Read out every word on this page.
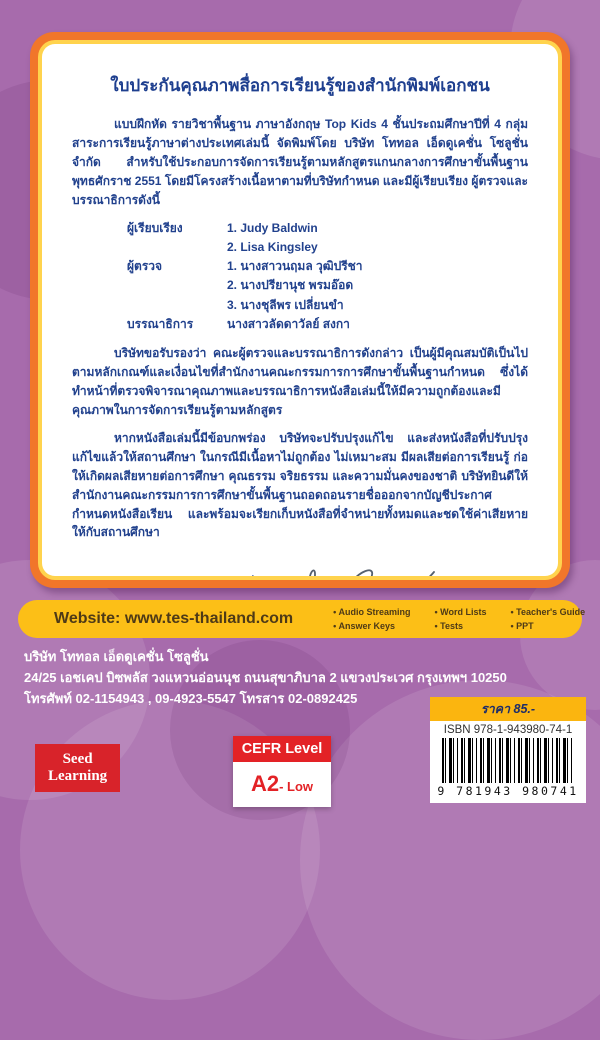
ใบประกันคุณภาพสื่อการเรียนรู้ของสำนักพิมพ์เอกชน

แบบฝึกหัด รายวิชาพื้นฐาน ภาษาอังกฤษ Top Kids 4 ชั้นประถมศึกษาปีที่ 4 กลุ่มสาระการเรียนรู้ภาษาต่างประเทศเล่มนี้ จัดพิมพ์โดย บริษัท โททอล เอ็ดดูเคชั่น โซลูชั่น จำกัด สำหรับใช้ประกอบการจัดการเรียนรู้ตามหลักสูตรแกนกลางการศึกษาขั้นพื้นฐาน พุทธศักราช 2551 โดยมีโครงสร้างเนื้อหาตามที่บริษัทกำหนด และมีผู้เรียบเรียง ผู้ตรวจและบรรณาธิการดังนี้

ผู้เรียบเรียง	1. Judy Baldwin
2. Lisa Kingsley
ผู้ตรวจ	1. นางสาวนฤมล วุฒิปรีชา
2. นางปรียานุช พรมอ๊อด
3. นางชุลีพร เปลี่ยนขำ
บรรณาธิการ	นางสาวลัดดาวัลย์ สงกา

บริษัทขอรับรองว่า คณะผู้ตรวจและบรรณาธิการดังกล่าว เป็นผู้มีคุณสมบัติเป็นไปตามหลักเกณฑ์และเงื่อนไขที่สำนักงานคณะกรรมการการศึกษาขั้นพื้นฐานกำหนด ซึ่งได้ทำหน้าที่ตรวจพิจารณาคุณภาพและบรรณาธิการหนังสือเล่มนี้ให้มีความถูกต้องและมีคุณภาพในการจัดการเรียนรู้ตามหลักสูตร

หากหนังสือเล่มนี้มีข้อบกพร่อง บริษัทจะปรับปรุงแก้ไข และส่งหนังสือที่ปรับปรุงแก้ไขแล้วให้สถานศึกษา ในกรณีมีเนื้อหาไม่ถูกต้อง ไม่เหมาะสม มีผลเสียต่อการเรียนรู้ ก่อให้เกิดผลเสียหายต่อการศึกษา คุณธรรม จริยธรรม และความมั่นคงของชาติ บริษัทยินดีให้สำนักงานคณะกรรมการการศึกษาขั้นพื้นฐานถอดถอนรายชื่อออกจากบัญชีประกาศกำหนดหนังสือเรียน และพร้อมจะเรียกเก็บหนังสือที่จำหน่ายทั้งหมดและชดใช้ค่าเสียหายให้กับสถานศึกษา

Website: www.tes-thailand.com	• Audio Streaming
• Answer Keys
• Word Lists
• Tests
• Teacher's Guide
• PPT
บริษัท โททอล เอ็ดดูเคชั่น โซลูชั่น
24/25 เอชเคป บิซพลัส วงแหวนอ่อนนุช ถนนสุขาภิบาล 2 แขวงประเวศ กรุงเทพฯ 10250
โทรศัพท์ 02-1154943 , 09-4923-5547 โทรสาร 02-0892425
Seed
Learning
CEFR Level
A2- Low
ราคา 85.-
ISBN 978-1-943980-74-1
9 781943 980741
